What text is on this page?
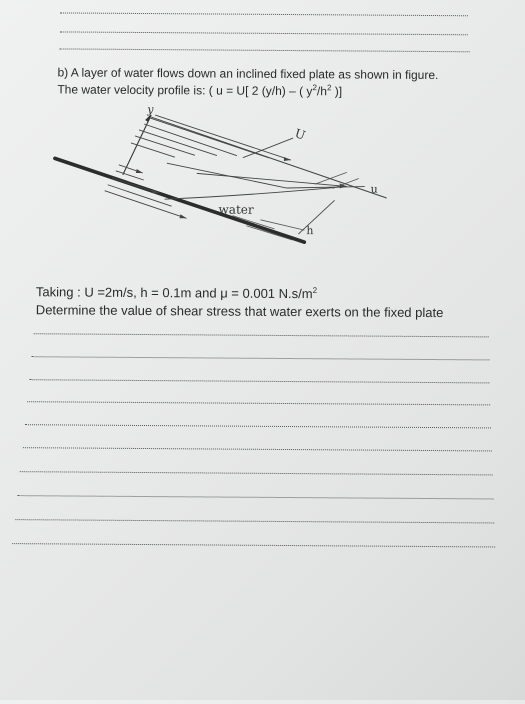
b) A layer of water flows down an inclined fixed plate as shown in figure.
The water velocity profile is: ( u = U[ 2 (y/h) – ( $y^2/h^2$ )]
y
U
u
water
h
Taking : U =2m/s, h = 0.1m and μ = 0.001 $N.s/m^2$
Determine the value of shear stress that water exerts on the fixed plate
